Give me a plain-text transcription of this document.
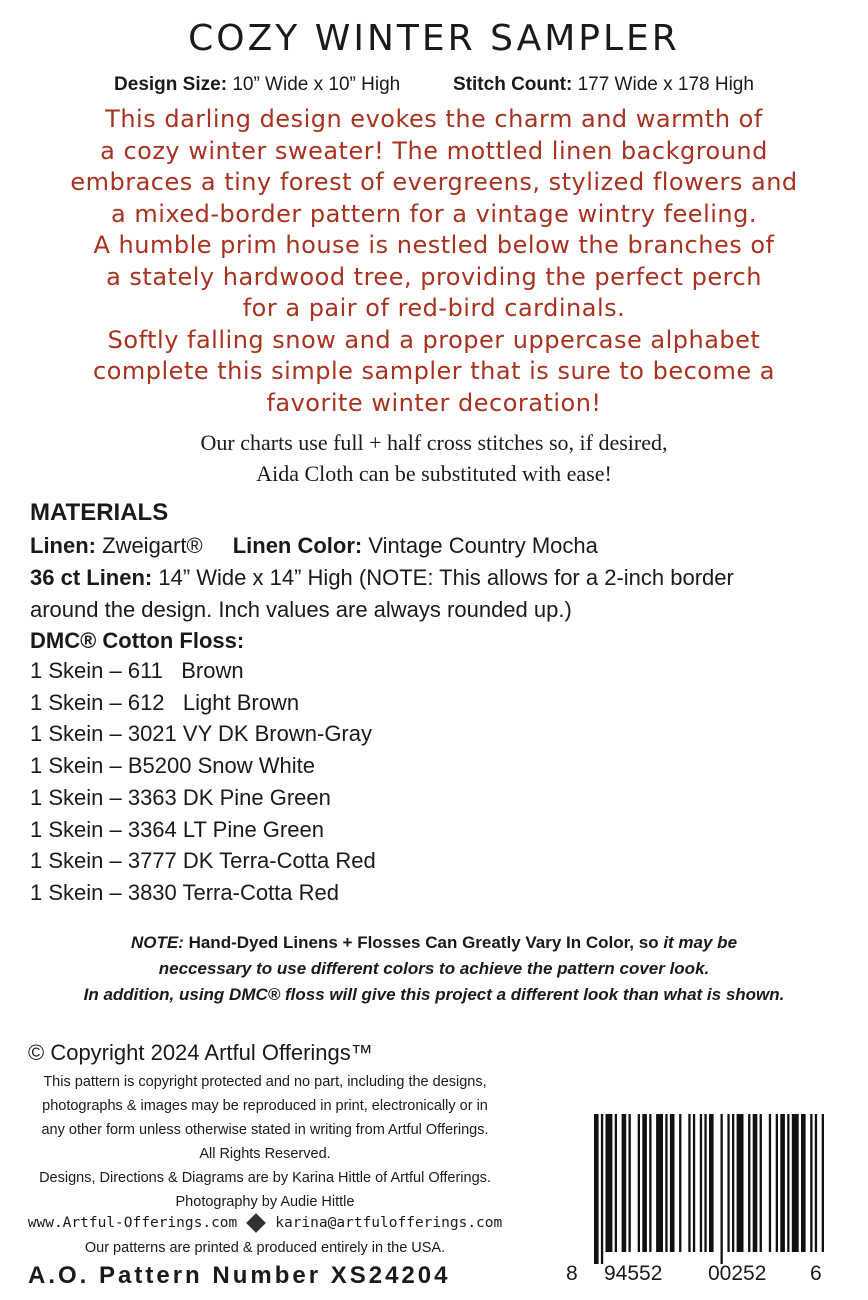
COZY WINTER SAMPLER
Design Size: 10” Wide x 10” High	Stitch Count: 177 Wide x 178 High
This darling design evokes the charm and warmth of
a cozy winter sweater! The mottled linen background
embraces a tiny forest of evergreens, stylized flowers and
a mixed-border pattern for a vintage wintry feeling.
A humble prim house is nestled below the branches of
a stately hardwood tree, providing the perfect perch
for a pair of red-bird cardinals.
Softly falling snow and a proper uppercase alphabet
complete this simple sampler that is sure to become a
favorite winter decoration!
Our charts use full + half cross stitches so, if desired,
Aida Cloth can be substituted with ease!
MATERIALS
Linen: Zweigart® Linen Color: Vintage Country Mocha
36 ct Linen: 14” Wide x 14” High (NOTE: This allows for a 2-inch border
around the design. Inch values are always rounded up.)
DMC® Cotton Floss:
1 Skein – 611   Brown
1 Skein – 612   Light Brown
1 Skein – 3021 VY DK Brown-Gray
1 Skein – B5200 Snow White
1 Skein – 3363 DK Pine Green
1 Skein – 3364 LT Pine Green
1 Skein – 3777 DK Terra-Cotta Red
1 Skein – 3830 Terra-Cotta Red
NOTE: Hand-Dyed Linens + Flosses Can Greatly Vary In Color, so it may be
neccessary to use different colors to achieve the pattern cover look.
In addition, using DMC® floss will give this project a different look than what is shown.
© Copyright 2024 Artful Offerings™
This pattern is copyright protected and no part, including the designs,
photographs & images may be reproduced in print, electronically or in
any other form unless otherwise stated in writing from Artful Offerings.
All Rights Reserved.
Designs, Directions & Diagrams are by Karina Hittle of Artful Offerings.
Photography by Audie Hittle
www.Artful-Offerings.com	karina@artfulofferings.com
Our patterns are printed & produced entirely in the USA.
A.O. Pattern Number XS24204	8 94552 00252 6
